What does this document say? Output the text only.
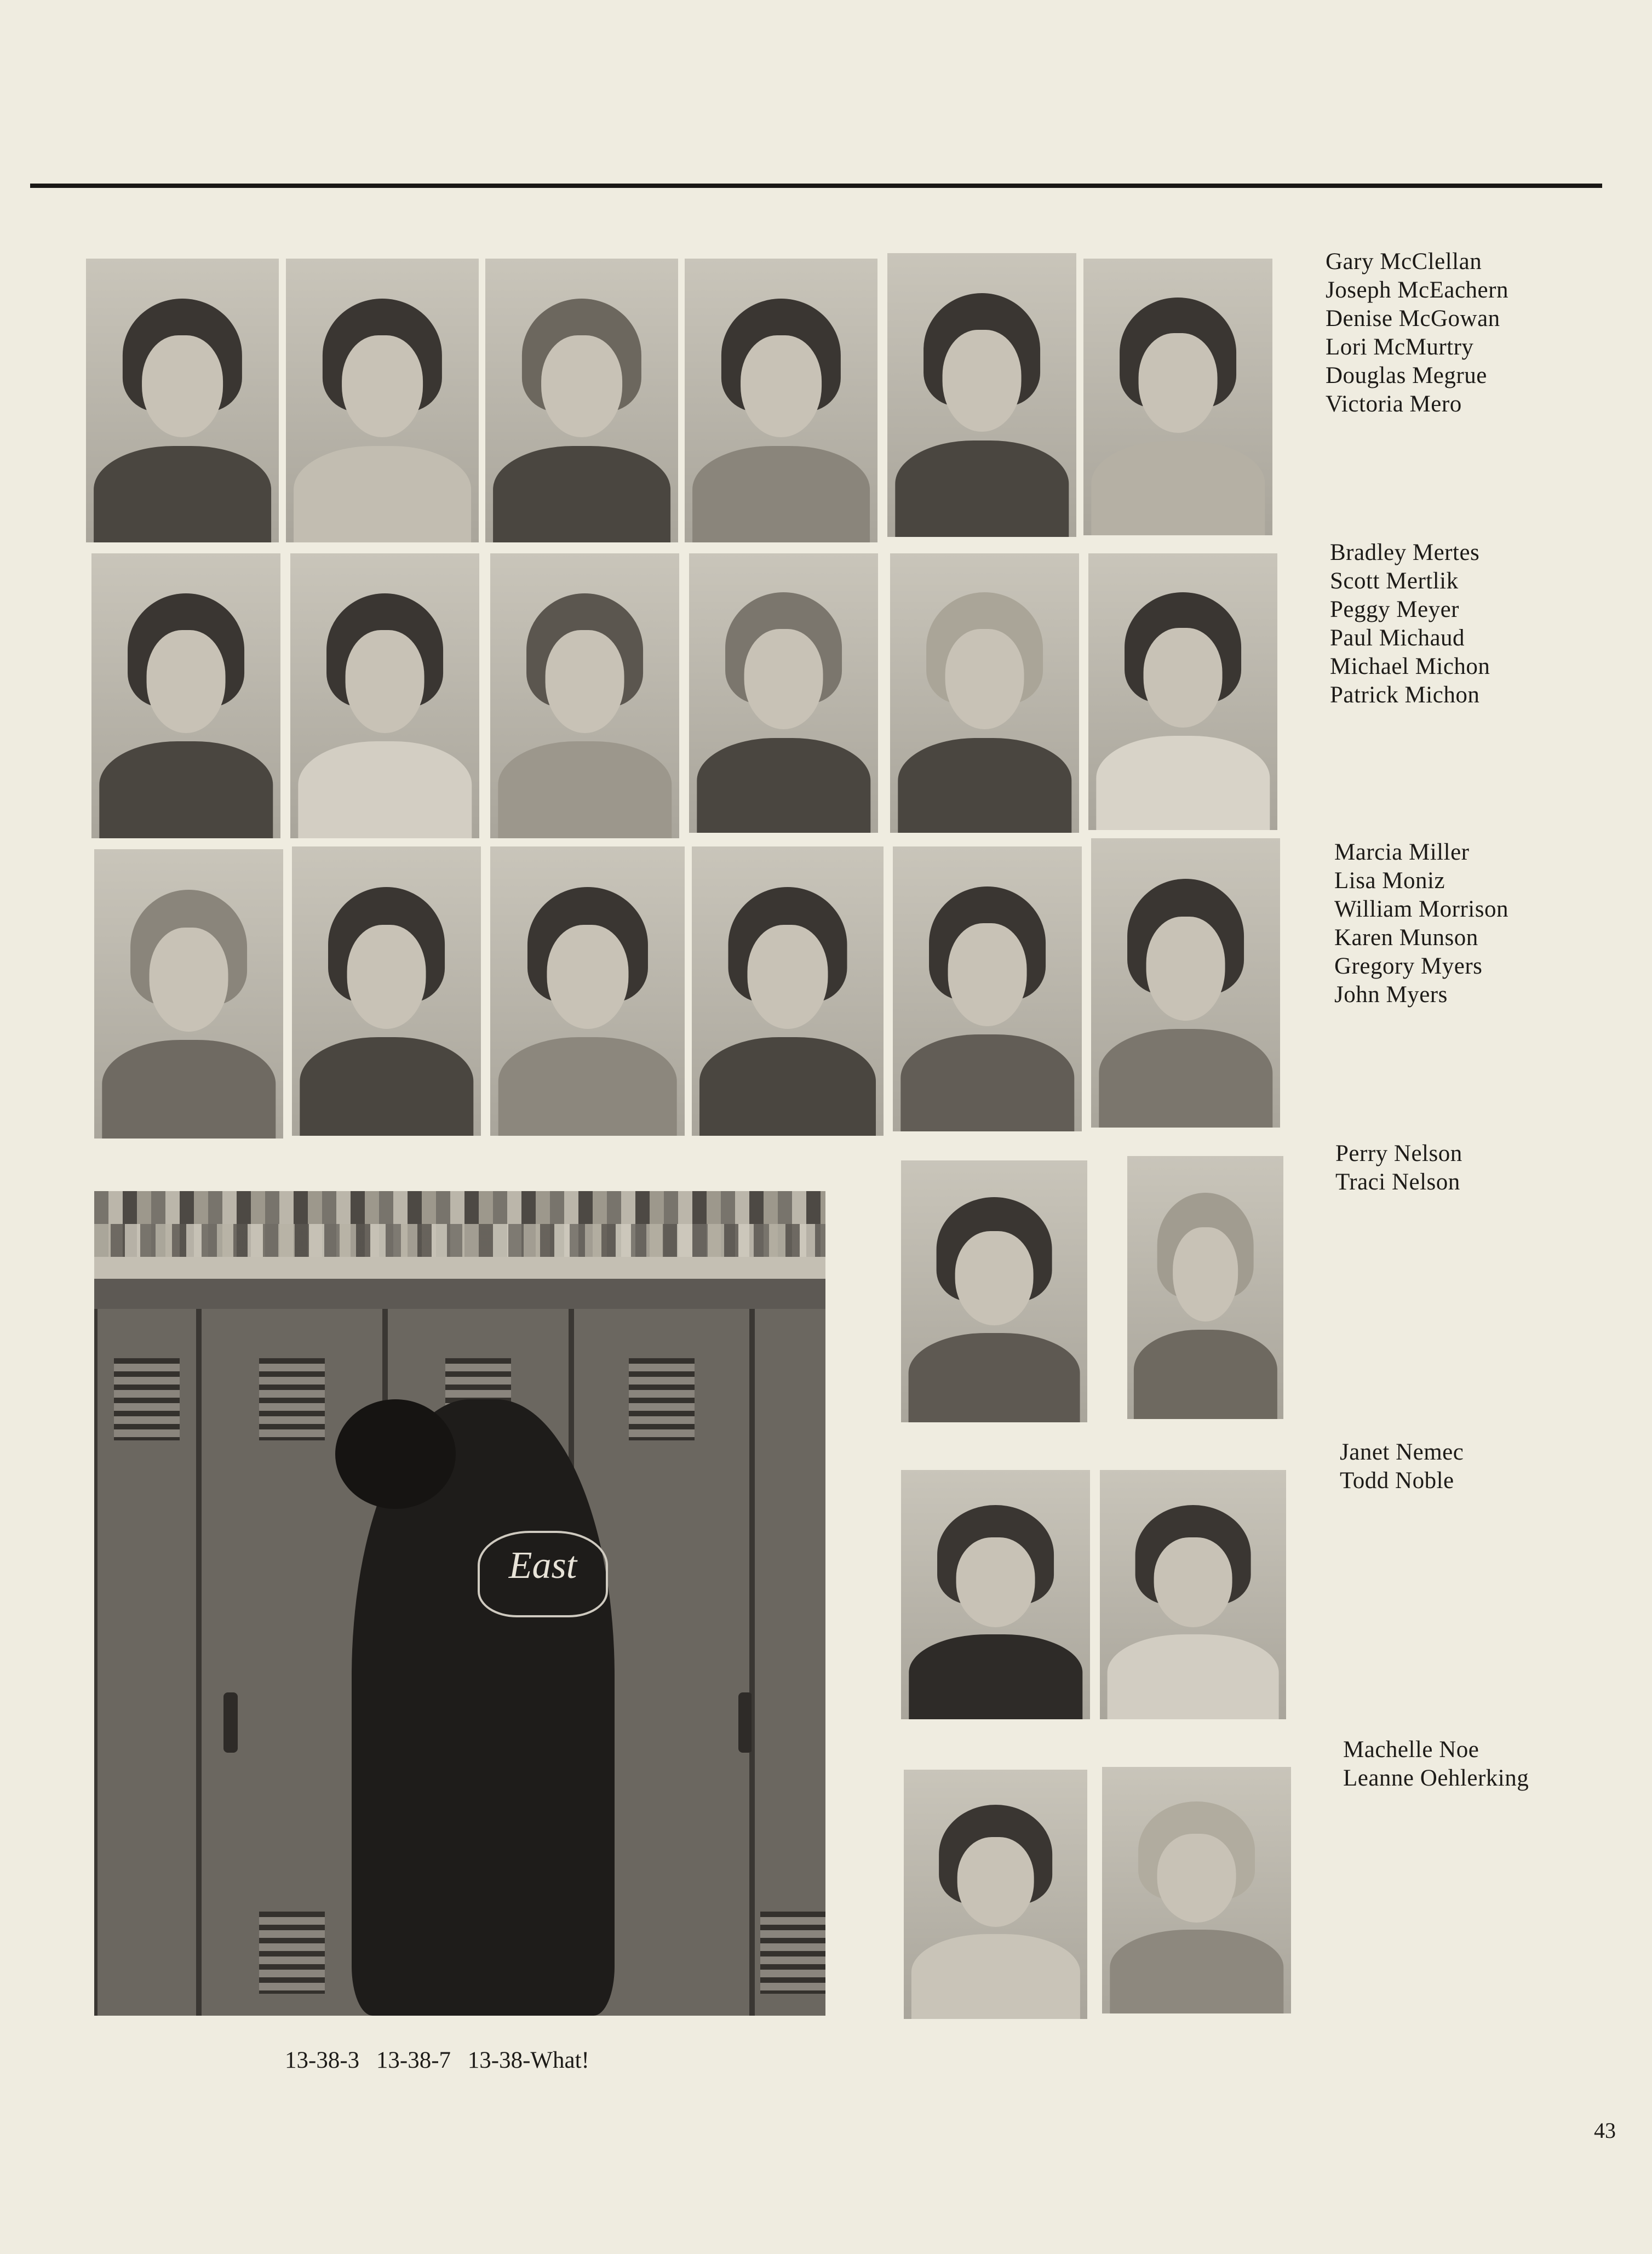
Gary McClellan
Joseph McEachern
Denise McGowan
Lori McMurtry
Douglas Megrue
Victoria Mero
Bradley Mertes
Scott Mertlik
Peggy Meyer
Paul Michaud
Michael Michon
Patrick Michon
Marcia Miller
Lisa Moniz
William Morrison
Karen Munson
Gregory Myers
John Myers
Perry Nelson
Traci Nelson
Janet Nemec
Todd Noble
Machelle Noe
Leanne Oehlerking
East
13-38-3 13-38-7 13-38-What!
43
